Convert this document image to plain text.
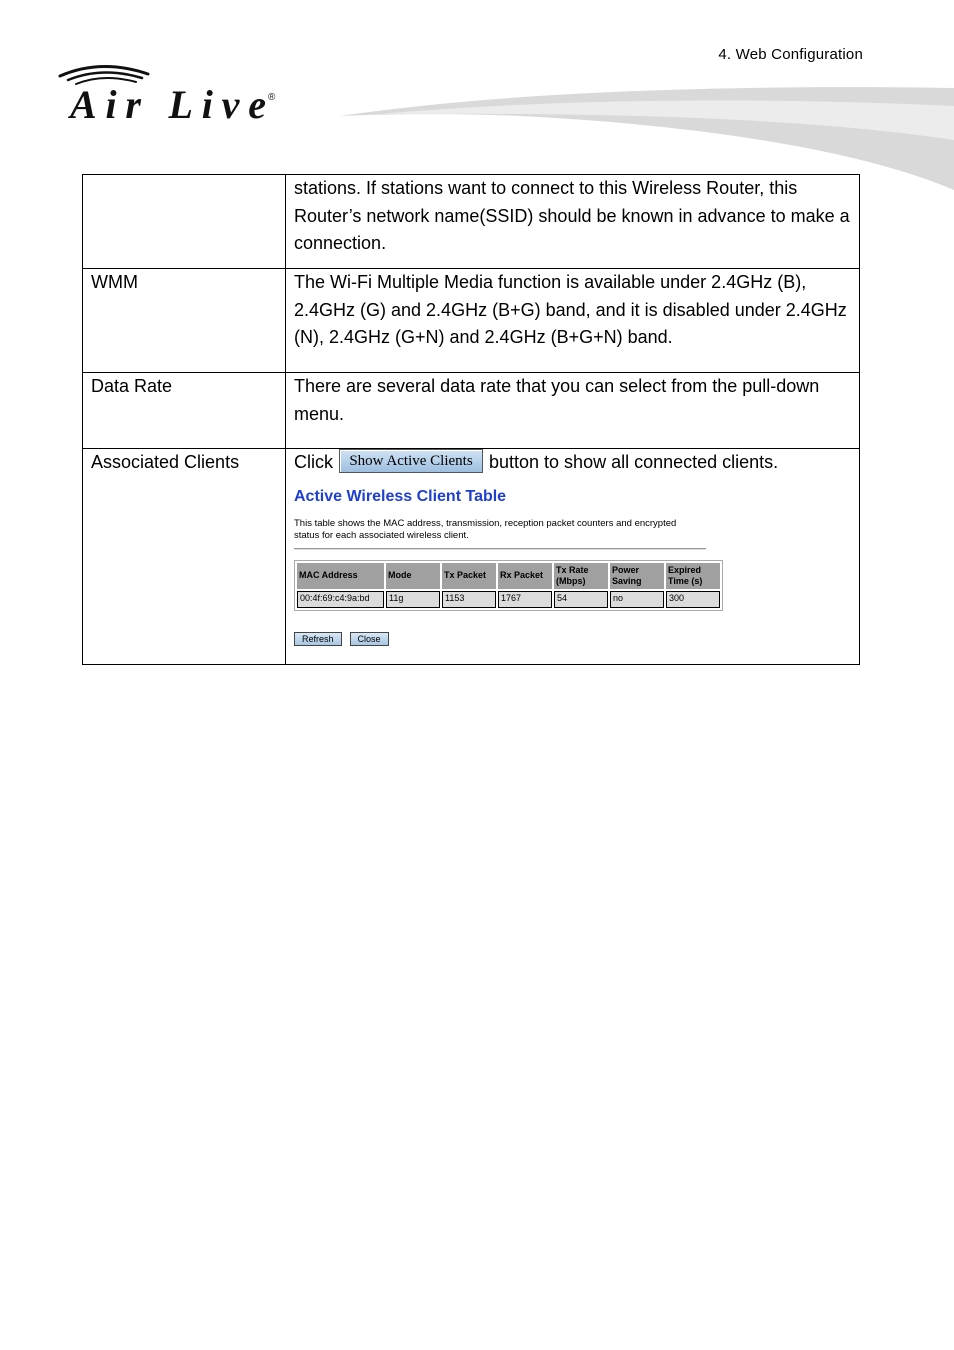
4. Web Configuration
Air Live ®
	stations. If stations want to connect to this Wireless Router, this Router’s network name(SSID) should be known in advance to make a connection.
WMM	The Wi-Fi Multiple Media function is available under 2.4GHz (B), 2.4GHz (G) and 2.4GHz (B+G) band, and it is disabled under 2.4GHz (N), 2.4GHz (G+N) and 2.4GHz (B+G+N) band.
Data Rate	There are several data rate that you can select from the pull-down menu.
Associated Clients	Click Show Active Clients button to show all connected clients.
Active Wireless Client Table
This table shows the MAC address, transmission, reception packet counters and encrypted status for each associated wireless client.
MAC Address	Mode	Tx Packet	Rx Packet	Tx Rate (Mbps)	Power Saving	Expired Time (s)
00:4f:69:c4:9a:bd	11g	1153	1767	54	no	300
Refresh	Close
